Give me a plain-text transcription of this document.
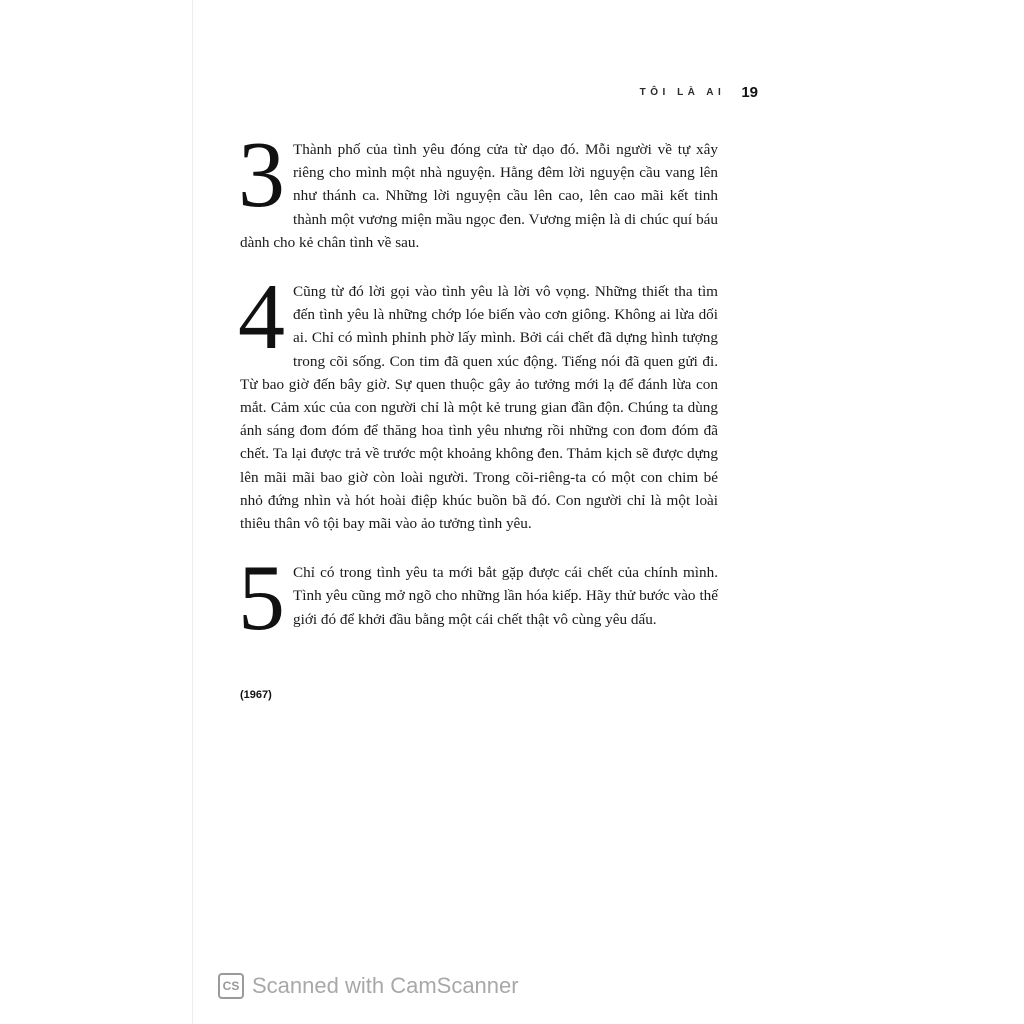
TÔI LÀ AI 19

3 Thành phố của tình yêu đóng cửa từ dạo đó. Mỗi người về tự xây riêng cho mình một nhà nguyện. Hằng đêm lời nguyện cầu vang lên như thánh ca. Những lời nguyện cầu lên cao, lên cao mãi kết tinh thành một vương miện mầu ngọc đen. Vương miện là di chúc quí báu dành cho kẻ chân tình về sau.

4 Cũng từ đó lời gọi vào tình yêu là lời vô vọng. Những thiết tha tìm đến tình yêu là những chớp lóe biến vào cơn giông. Không ai lừa dối ai. Chỉ có mình phỉnh phờ lấy mình. Bởi cái chết đã dựng hình tượng trong cõi sống. Con tim đã quen xúc động. Tiếng nói đã quen gửi đi. Từ bao giờ đến bây giờ. Sự quen thuộc gây ảo tưởng mới lạ để đánh lừa con mắt. Cảm xúc của con người chỉ là một kẻ trung gian đần độn. Chúng ta dùng ánh sáng đom đóm để thăng hoa tình yêu nhưng rồi những con đom đóm đã chết. Ta lại được trả về trước một khoảng không đen. Thảm kịch sẽ được dựng lên mãi mãi bao giờ còn loài người. Trong cõi-riêng-ta có một con chim bé nhỏ đứng nhìn và hót hoài điệp khúc buồn bã đó. Con người chỉ là một loài thiêu thân vô tội bay mãi vào ảo tưởng tình yêu.

5 Chỉ có trong tình yêu ta mới bắt gặp được cái chết của chính mình. Tình yêu cũng mở ngõ cho những lần hóa kiếp. Hãy thử bước vào thế giới đó để khởi đầu bằng một cái chết thật vô cùng yêu dấu.

(1967)
CS Scanned with CamScanner
